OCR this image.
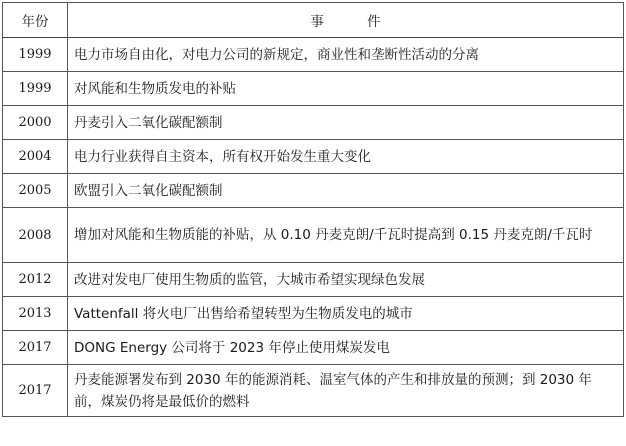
年份	事件
1999	电力市场自由化，对电力公司的新规定，商业性和垄断性活动的分离
1999	对风能和生物质发电的补贴
2000	丹麦引入二氧化碳配额制
2004	电力行业获得自主资本，所有权开始发生重大变化
2005	欧盟引入二氧化碳配额制
2008	增加对风能和生物质能的补贴，从 0.10 丹麦克朗/千瓦时提高到 0.15 丹麦克朗/千瓦时
2012	改进对发电厂使用生物质的监管，大城市希望实现绿色发展
2013	Vattenfall 将火电厂出售给希望转型为生物质发电的城市
2017	DONG Energy 公司将于 2023 年停止使用煤炭发电
2017	丹麦能源署发布到 2030 年的能源消耗、温室气体的产生和排放量的预测；到 2030 年前，煤炭仍将是最低价的燃料
